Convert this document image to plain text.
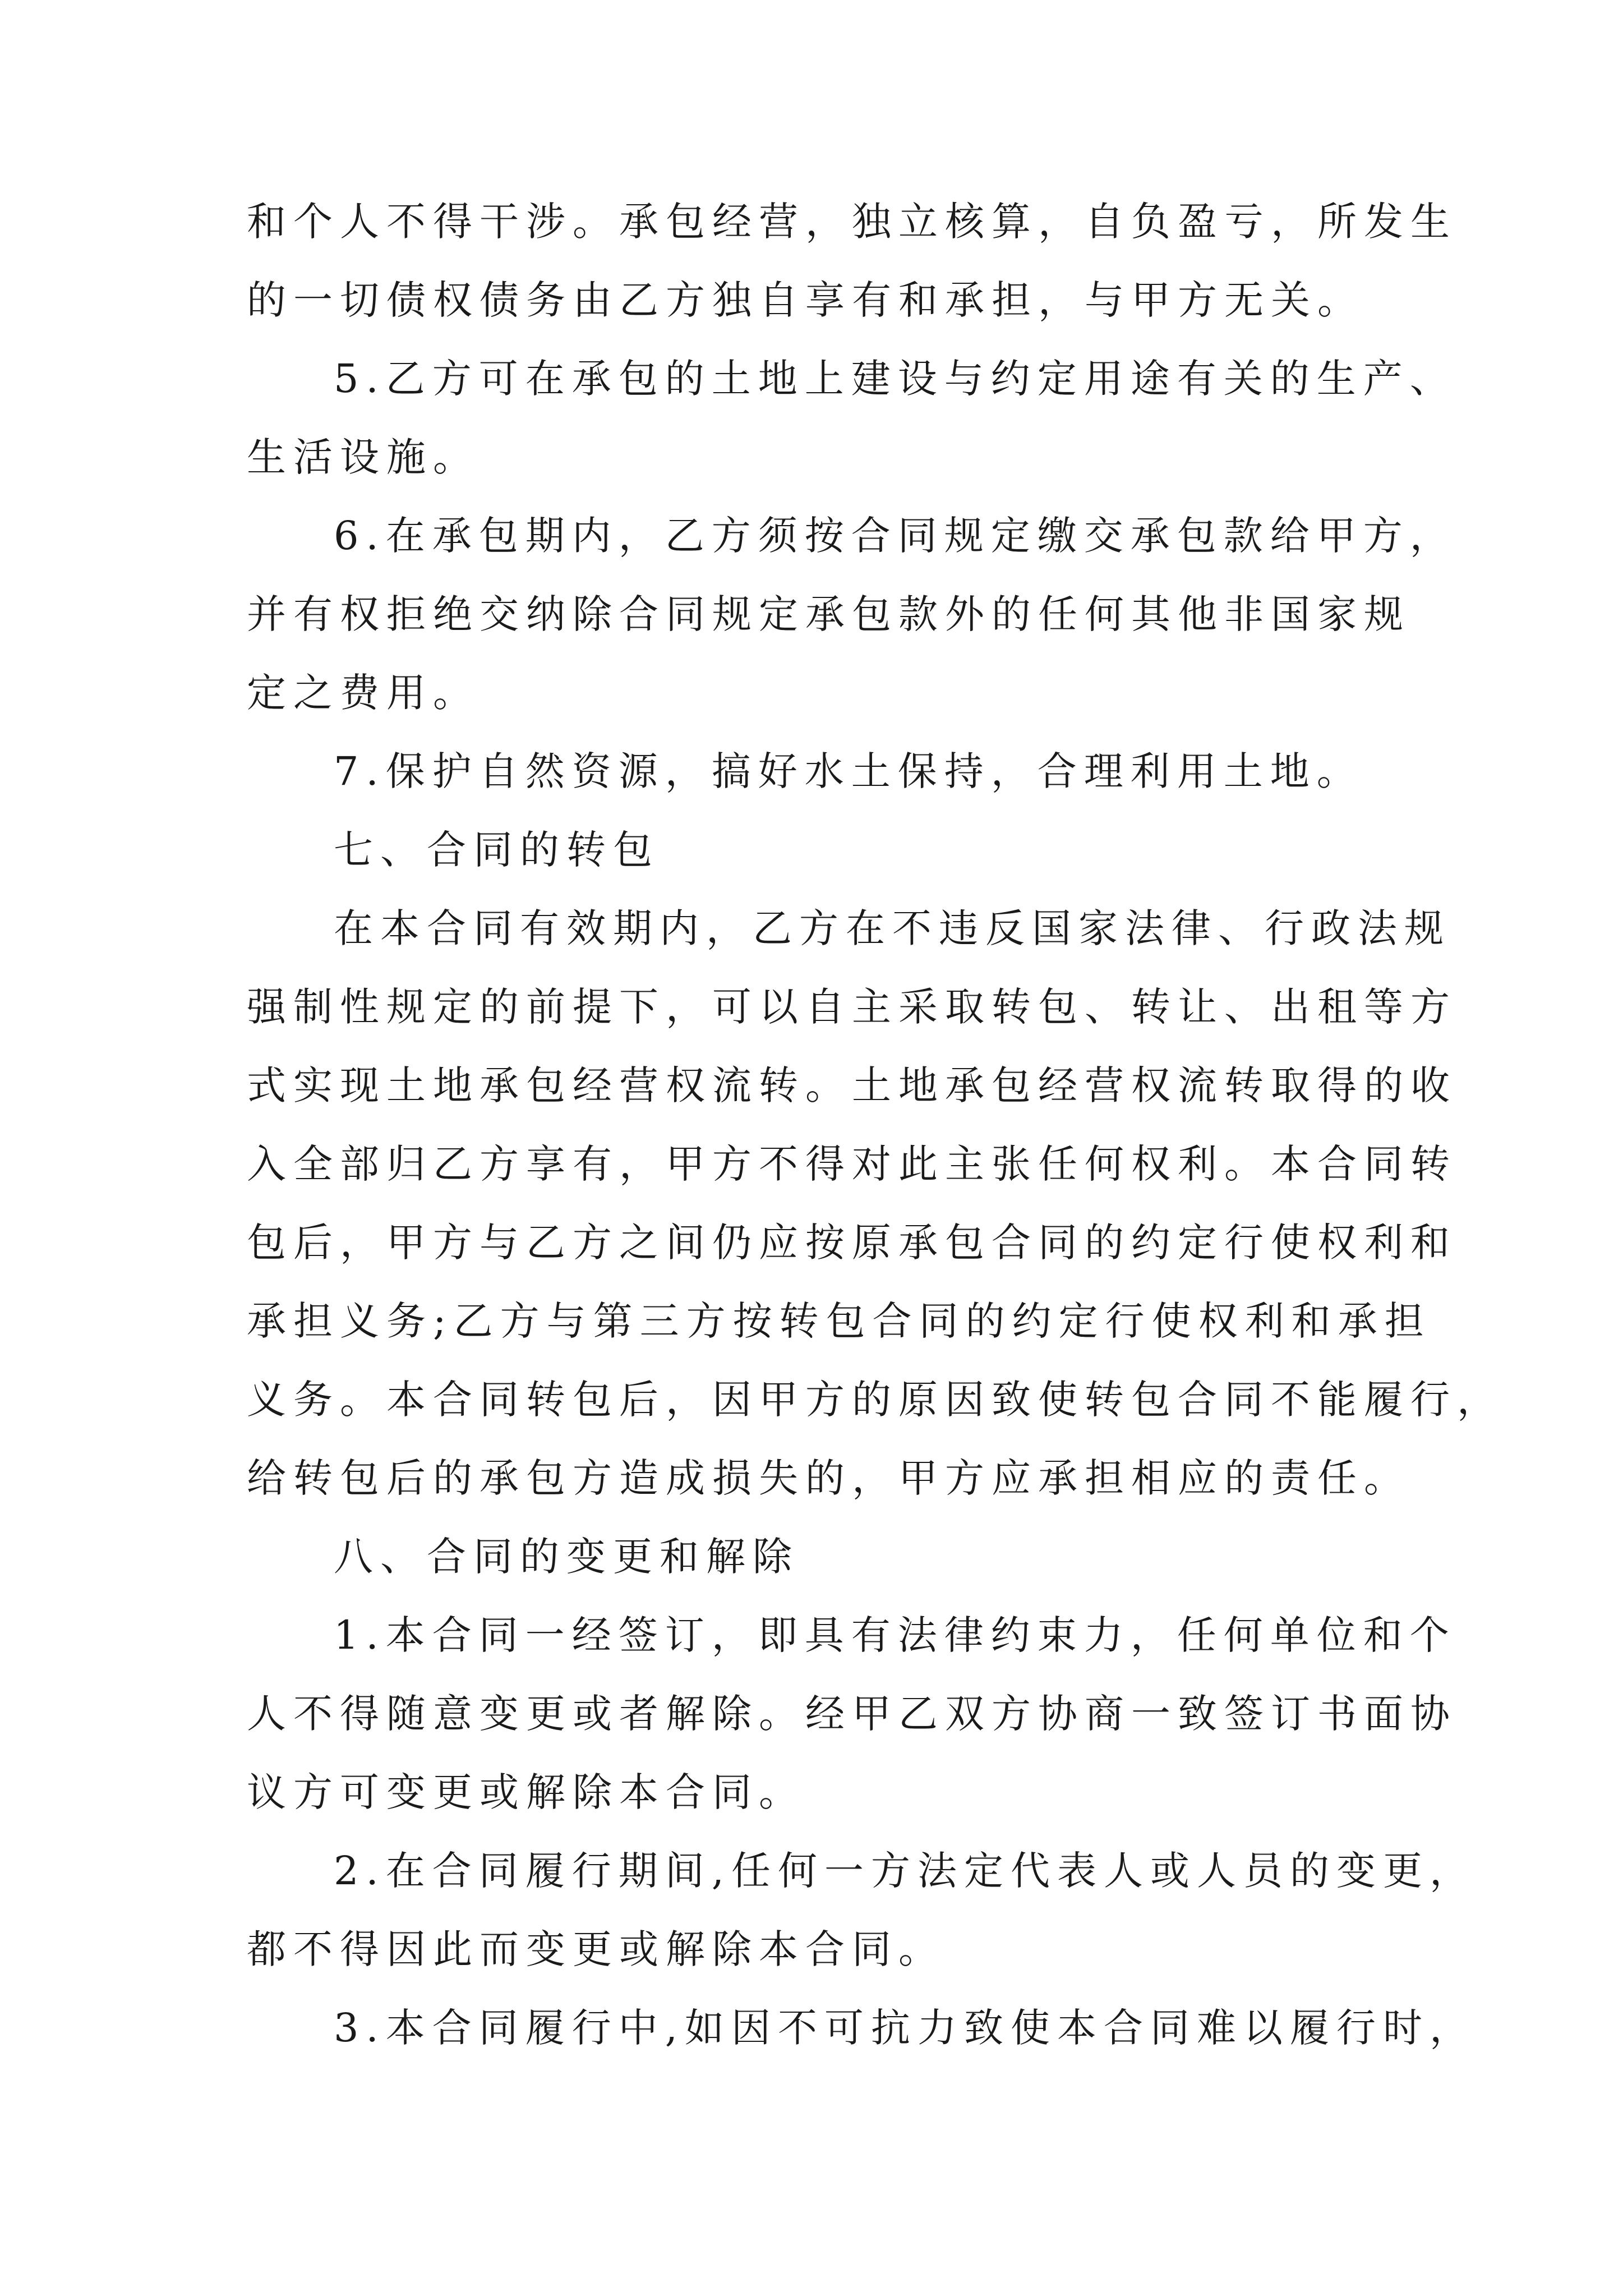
和个人不得干涉。承包经营，独立核算，自负盈亏，所发生
的一切债权债务由乙方独自享有和承担，与甲方无关。
5.乙方可在承包的土地上建设与约定用途有关的生产、
生活设施。
6.在承包期内，乙方须按合同规定缴交承包款给甲方，
并有权拒绝交纳除合同规定承包款外的任何其他非国家规
定之费用。
7.保护自然资源，搞好水土保持，合理利用土地。
七、合同的转包
在本合同有效期内，乙方在不违反国家法律、行政法规
强制性规定的前提下，可以自主采取转包、转让、出租等方
式实现土地承包经营权流转。土地承包经营权流转取得的收
入全部归乙方享有，甲方不得对此主张任何权利。本合同转
包后，甲方与乙方之间仍应按原承包合同的约定行使权利和
承担义务;乙方与第三方按转包合同的约定行使权利和承担
义务。本合同转包后，因甲方的原因致使转包合同不能履行，
给转包后的承包方造成损失的，甲方应承担相应的责任。
八、合同的变更和解除
1.本合同一经签订，即具有法律约束力，任何单位和个
人不得随意变更或者解除。经甲乙双方协商一致签订书面协
议方可变更或解除本合同。
2.在合同履行期间,任何一方法定代表人或人员的变更，
都不得因此而变更或解除本合同。
3.本合同履行中,如因不可抗力致使本合同难以履行时，
